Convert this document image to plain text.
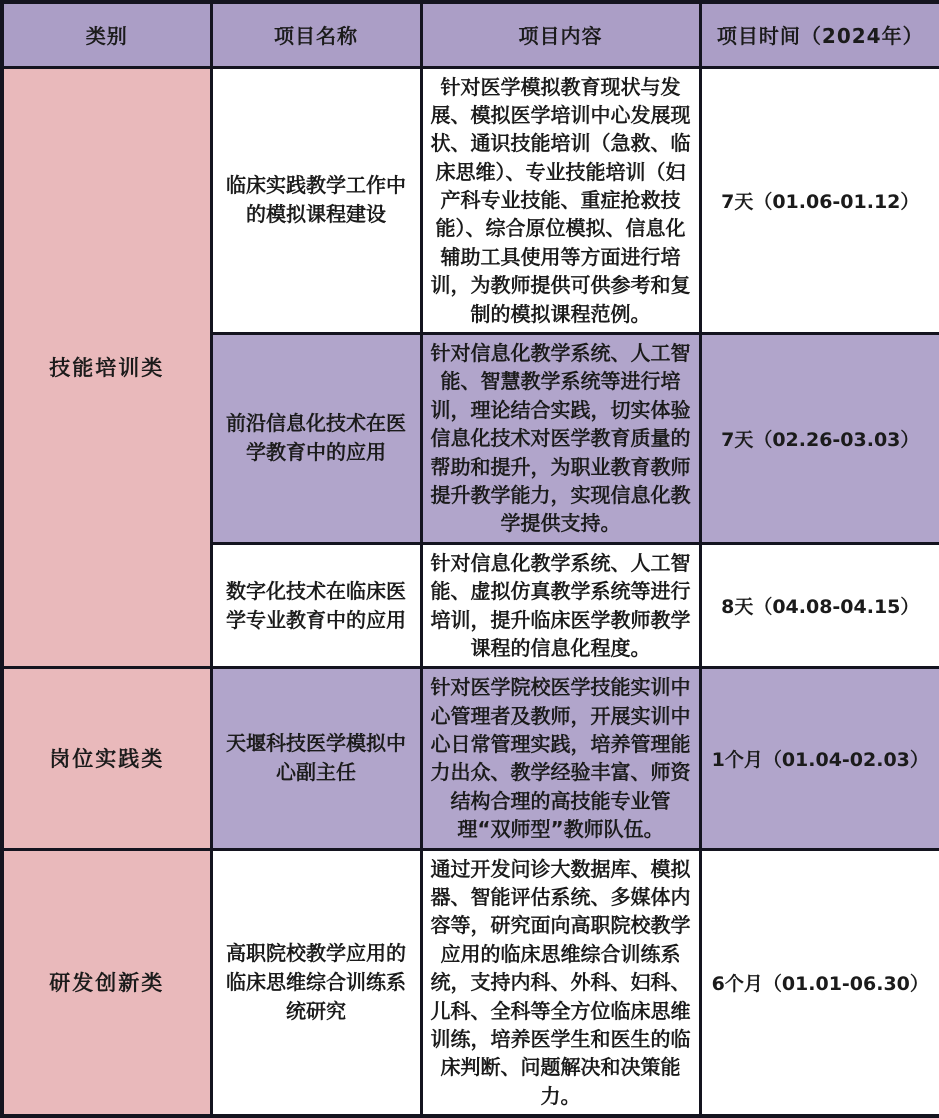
类别	项目名称	项目内容	项目时间（2024年）
技能培训类	临床实践教学工作中的模拟课程建设	针对医学模拟教育现状与发展、模拟医学培训中心发展现状、通识技能培训（急救、临床思维）、专业技能培训（妇产科专业技能、重症抢救技能）、综合原位模拟、信息化辅助工具使用等方面进行培训，为教师提供可供参考和复制的模拟课程范例。	7天（01.06-01.12）
	前沿信息化技术在医学教育中的应用	针对信息化教学系统、人工智能、智慧教学系统等进行培训，理论结合实践，切实体验信息化技术对医学教育质量的帮助和提升，为职业教育教师提升教学能力，实现信息化教学提供支持。	7天（02.26-03.03）
	数字化技术在临床医学专业教育中的应用	针对信息化教学系统、人工智能、虚拟仿真教学系统等进行培训，提升临床医学教师教学课程的信息化程度。	8天（04.08-04.15）
岗位实践类	天堰科技医学模拟中心副主任	针对医学院校医学技能实训中心管理者及教师，开展实训中心日常管理实践，培养管理能力出众、教学经验丰富、师资结构合理的高技能专业管理“双师型”教师队伍。	1个月（01.04-02.03）
研发创新类	高职院校教学应用的临床思维综合训练系统研究	通过开发问诊大数据库、模拟器、智能评估系统、多媒体内容等，研究面向高职院校教学应用的临床思维综合训练系统，支持内科、外科、妇科、儿科、全科等全方位临床思维训练，培养医学生和医生的临床判断、问题解决和决策能力。	6个月（01.01-06.30）
